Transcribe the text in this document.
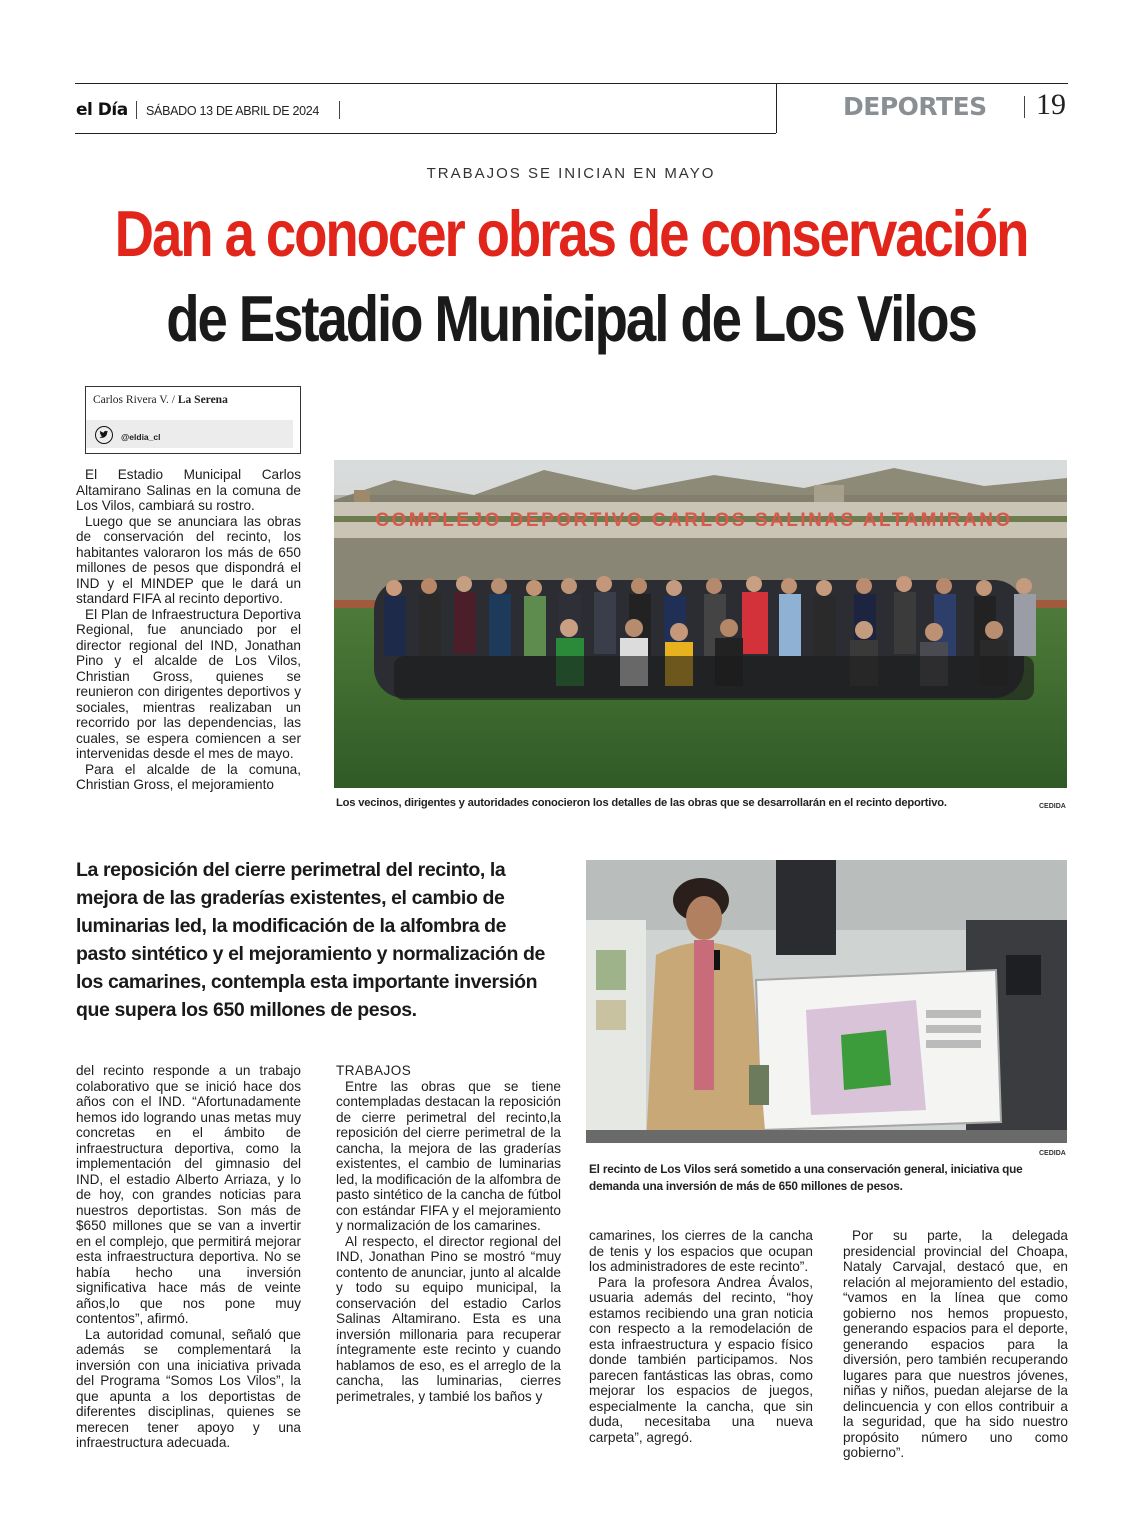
el Día SÁBADO 13 DE ABRIL DE 2024	DEPORTES 19
TRABAJOS SE INICIAN EN MAYO
Dan a conocer obras de conservación
de Estadio Municipal de Los Vilos
Carlos Rivera V. / La Serena
@eldia_cl

El Estadio Municipal Carlos Altamirano Salinas en la comuna de Los Vilos, cambiará su rostro.

Luego que se anunciara las obras de conservación del recinto, los habitantes valoraron los más de 650 millones de pesos que dispondrá el IND y el MINDEP que le dará un standard FIFA al recinto deportivo.

El Plan de Infraestructura Deportiva Regional, fue anunciado por el director regional del IND, Jonathan Pino y el alcalde de Los Vilos, Christian Gross, quienes se reunieron con dirigentes deportivos y sociales, mientras realizaban un recorrido por las dependencias, las cuales, se espera comiencen a ser intervenidas desde el mes de mayo.

Para el alcalde de la comuna, Christian Gross, el mejoramiento

COMPLEJO DEPORTIVO CARLOS SALINAS ALTAMIRANO
Los vecinos, dirigentes y autoridades conocieron los detalles de las obras que se desarrollarán en el recinto deportivo.	CEDIDA
La reposición del cierre perimetral del recinto, la mejora de las graderías existentes, el cambio de luminarias led, la modificación de la alfombra de pasto sintético y el mejoramiento y normalización de los camarines, contempla esta importante inversión que supera los 650 millones de pesos.
CEDIDA
El recinto de Los Vilos será sometido a una conservación general, iniciativa que demanda una inversión de más de 650 millones de pesos.

del recinto responde a un trabajo colaborativo que se inició hace dos años con el IND. “Afortunadamente hemos ido logrando unas metas muy concretas en el ámbito de infraestructura deportiva, como la implementación del gimnasio del IND, el estadio Alberto Arriaza, y lo de hoy, con grandes noticias para nuestros deportistas. Son más de $650 millones que se van a invertir en el complejo, que permitirá mejorar esta infraestructura deportiva. No se había hecho una inversión significativa hace más de veinte años,lo que nos pone muy contentos”, afirmó.

La autoridad comunal, señaló que además se complementará la inversión con una iniciativa privada del Programa “Somos Los Vilos”, la que apunta a los deportistas de diferentes disciplinas, quienes se merecen tener apoyo y una infraestructura adecuada.

TRABAJOS

Entre las obras que se tiene contempladas destacan la reposición de cierre perimetral del recinto,la reposición del cierre perimetral de la cancha, la mejora de las graderías existentes, el cambio de luminarias led, la modificación de la alfombra de pasto sintético de la cancha de fútbol con estándar FIFA y el mejoramiento y normalización de los camarines.

Al respecto, el director regional del IND, Jonathan Pino se mostró “muy contento de anunciar, junto al alcalde y todo su equipo municipal, la conservación del estadio Carlos Salinas Altamirano. Esta es una inversión millonaria para recuperar íntegramente este recinto y cuando hablamos de eso, es el arreglo de la cancha, las luminarias, cierres perimetrales, y tambié los baños y

camarines, los cierres de la cancha de tenis y los espacios que ocupan los administradores de este recinto”.

Para la profesora Andrea Ávalos, usuaria además del recinto, “hoy estamos recibiendo una gran noticia con respecto a la remodelación de esta infraestructura y espacio físico donde también participamos. Nos parecen fantásticas las obras, como mejorar los espacios de juegos, especialmente la cancha, que sin duda, necesitaba una nueva carpeta”, agregó.

Por su parte, la delegada presidencial provincial del Choapa, Nataly Carvajal, destacó que, en relación al mejoramiento del estadio, “vamos en la línea que como gobierno nos hemos propuesto, generando espacios para el deporte, generando espacios para la diversión, pero también recuperando lugares para que nuestros jóvenes, niñas y niños, puedan alejarse de la delincuencia y con ellos contribuir a la seguridad, que ha sido nuestro propósito número uno como gobierno”.
